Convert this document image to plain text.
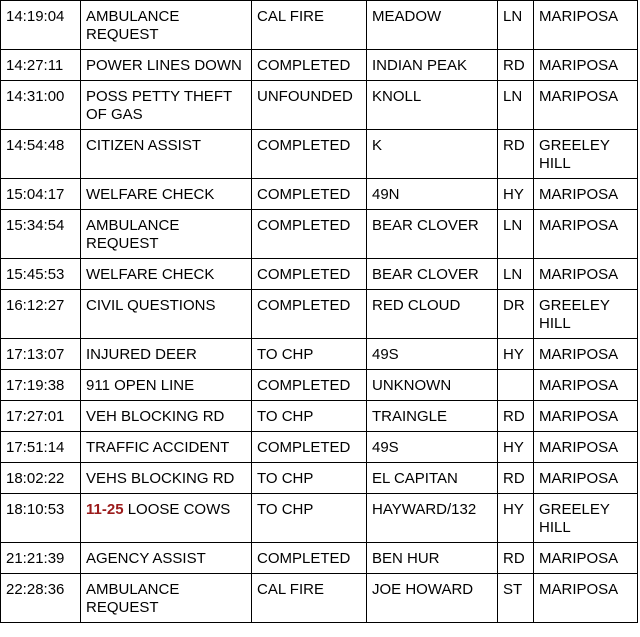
14:19:04	AMBULANCE REQUEST	CAL FIRE	MEADOW	LN	MARIPOSA
14:27:11	POWER LINES DOWN	COMPLETED	INDIAN PEAK	RD	MARIPOSA
14:31:00	POSS PETTY THEFT OF GAS	UNFOUNDED	KNOLL	LN	MARIPOSA
14:54:48	CITIZEN ASSIST	COMPLETED	K	RD	GREELEY HILL
15:04:17	WELFARE CHECK	COMPLETED	49N	HY	MARIPOSA
15:34:54	AMBULANCE REQUEST	COMPLETED	BEAR CLOVER	LN	MARIPOSA
15:45:53	WELFARE CHECK	COMPLETED	BEAR CLOVER	LN	MARIPOSA
16:12:27	CIVIL QUESTIONS	COMPLETED	RED CLOUD	DR	GREELEY HILL
17:13:07	INJURED DEER	TO CHP	49S	HY	MARIPOSA
17:19:38	911 OPEN LINE	COMPLETED	UNKNOWN		MARIPOSA
17:27:01	VEH BLOCKING RD	TO CHP	TRAINGLE	RD	MARIPOSA
17:51:14	TRAFFIC ACCIDENT	COMPLETED	49S	HY	MARIPOSA
18:02:22	VEHS BLOCKING RD	TO CHP	EL CAPITAN	RD	MARIPOSA
18:10:53	11-25 LOOSE COWS	TO CHP	HAYWARD/132	HY	GREELEY HILL
21:21:39	AGENCY ASSIST	COMPLETED	BEN HUR	RD	MARIPOSA
22:28:36	AMBULANCE REQUEST	CAL FIRE	JOE HOWARD	ST	MARIPOSA
